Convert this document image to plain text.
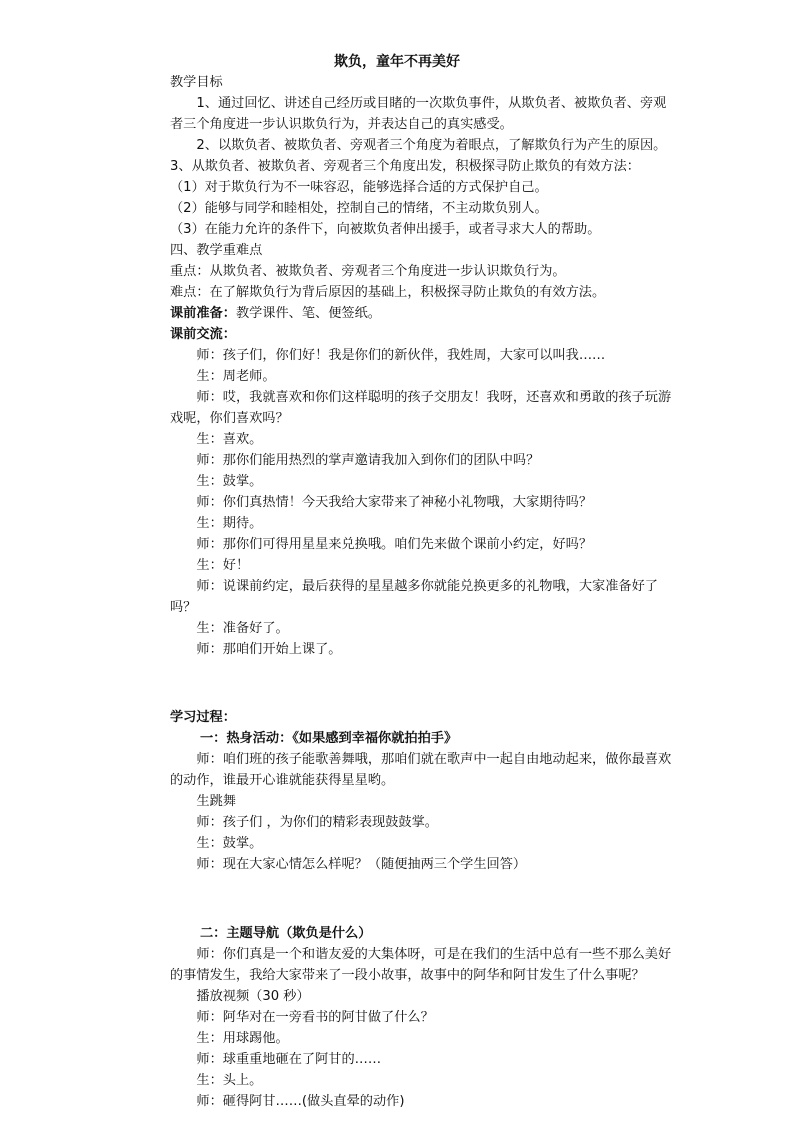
欺负，童年不再美好

教学目标

1、通过回忆、讲述自己经历或目睹的一次欺负事件，从欺负者、被欺负者、旁观者三个角度进一步认识欺负行为，并表达自己的真实感受。

2、以欺负者、被欺负者、旁观者三个角度为着眼点，了解欺负行为产生的原因。

3、从欺负者、被欺负者、旁观者三个角度出发，积极探寻防止欺负的有效方法：

（1）对于欺负行为不一味容忍，能够选择合适的方式保护自己。

（2）能够与同学和睦相处，控制自己的情绪，不主动欺负别人。

（3）在能力允许的条件下，向被欺负者伸出援手，或者寻求大人的帮助。

四、教学重难点

重点：从欺负者、被欺负者、旁观者三个角度进一步认识欺负行为。

难点：在了解欺负行为背后原因的基础上，积极探寻防止欺负的有效方法。

课前准备：教学课件、笔、便签纸。

课前交流：

师：孩子们，你们好！我是你们的新伙伴，我姓周，大家可以叫我……

生：周老师。

师：哎，我就喜欢和你们这样聪明的孩子交朋友！我呀，还喜欢和勇敢的孩子玩游戏呢，你们喜欢吗？

生：喜欢。

师：那你们能用热烈的掌声邀请我加入到你们的团队中吗？

生：鼓掌。

师：你们真热情！今天我给大家带来了神秘小礼物哦，大家期待吗？

生：期待。

师：那你们可得用星星来兑换哦。咱们先来做个课前小约定，好吗？

生：好！

师：说课前约定，最后获得的星星越多你就能兑换更多的礼物哦，大家准备好了吗？

生：准备好了。

师：那咱们开始上课了。

学习过程：

一：热身活动：《如果感到幸福你就拍拍手》

师：咱们班的孩子能歌善舞哦，那咱们就在歌声中一起自由地动起来，做你最喜欢的动作，谁最开心谁就能获得星星哟。

生跳舞

师：孩子们 ，为你们的精彩表现鼓鼓掌。

生：鼓掌。

师：现在大家心情怎么样呢？（随便抽两三个学生回答）

二：主题导航（欺负是什么）

师：你们真是一个和谐友爱的大集体呀，可是在我们的生活中总有一些不那么美好的事情发生，我给大家带来了一段小故事，故事中的阿华和阿甘发生了什么事呢？

播放视频（30 秒）

师：阿华对在一旁看书的阿甘做了什么？

生：用球踢他。

师：球重重地砸在了阿甘的……

生：头上。

师：砸得阿甘……(做头直晕的动作)
